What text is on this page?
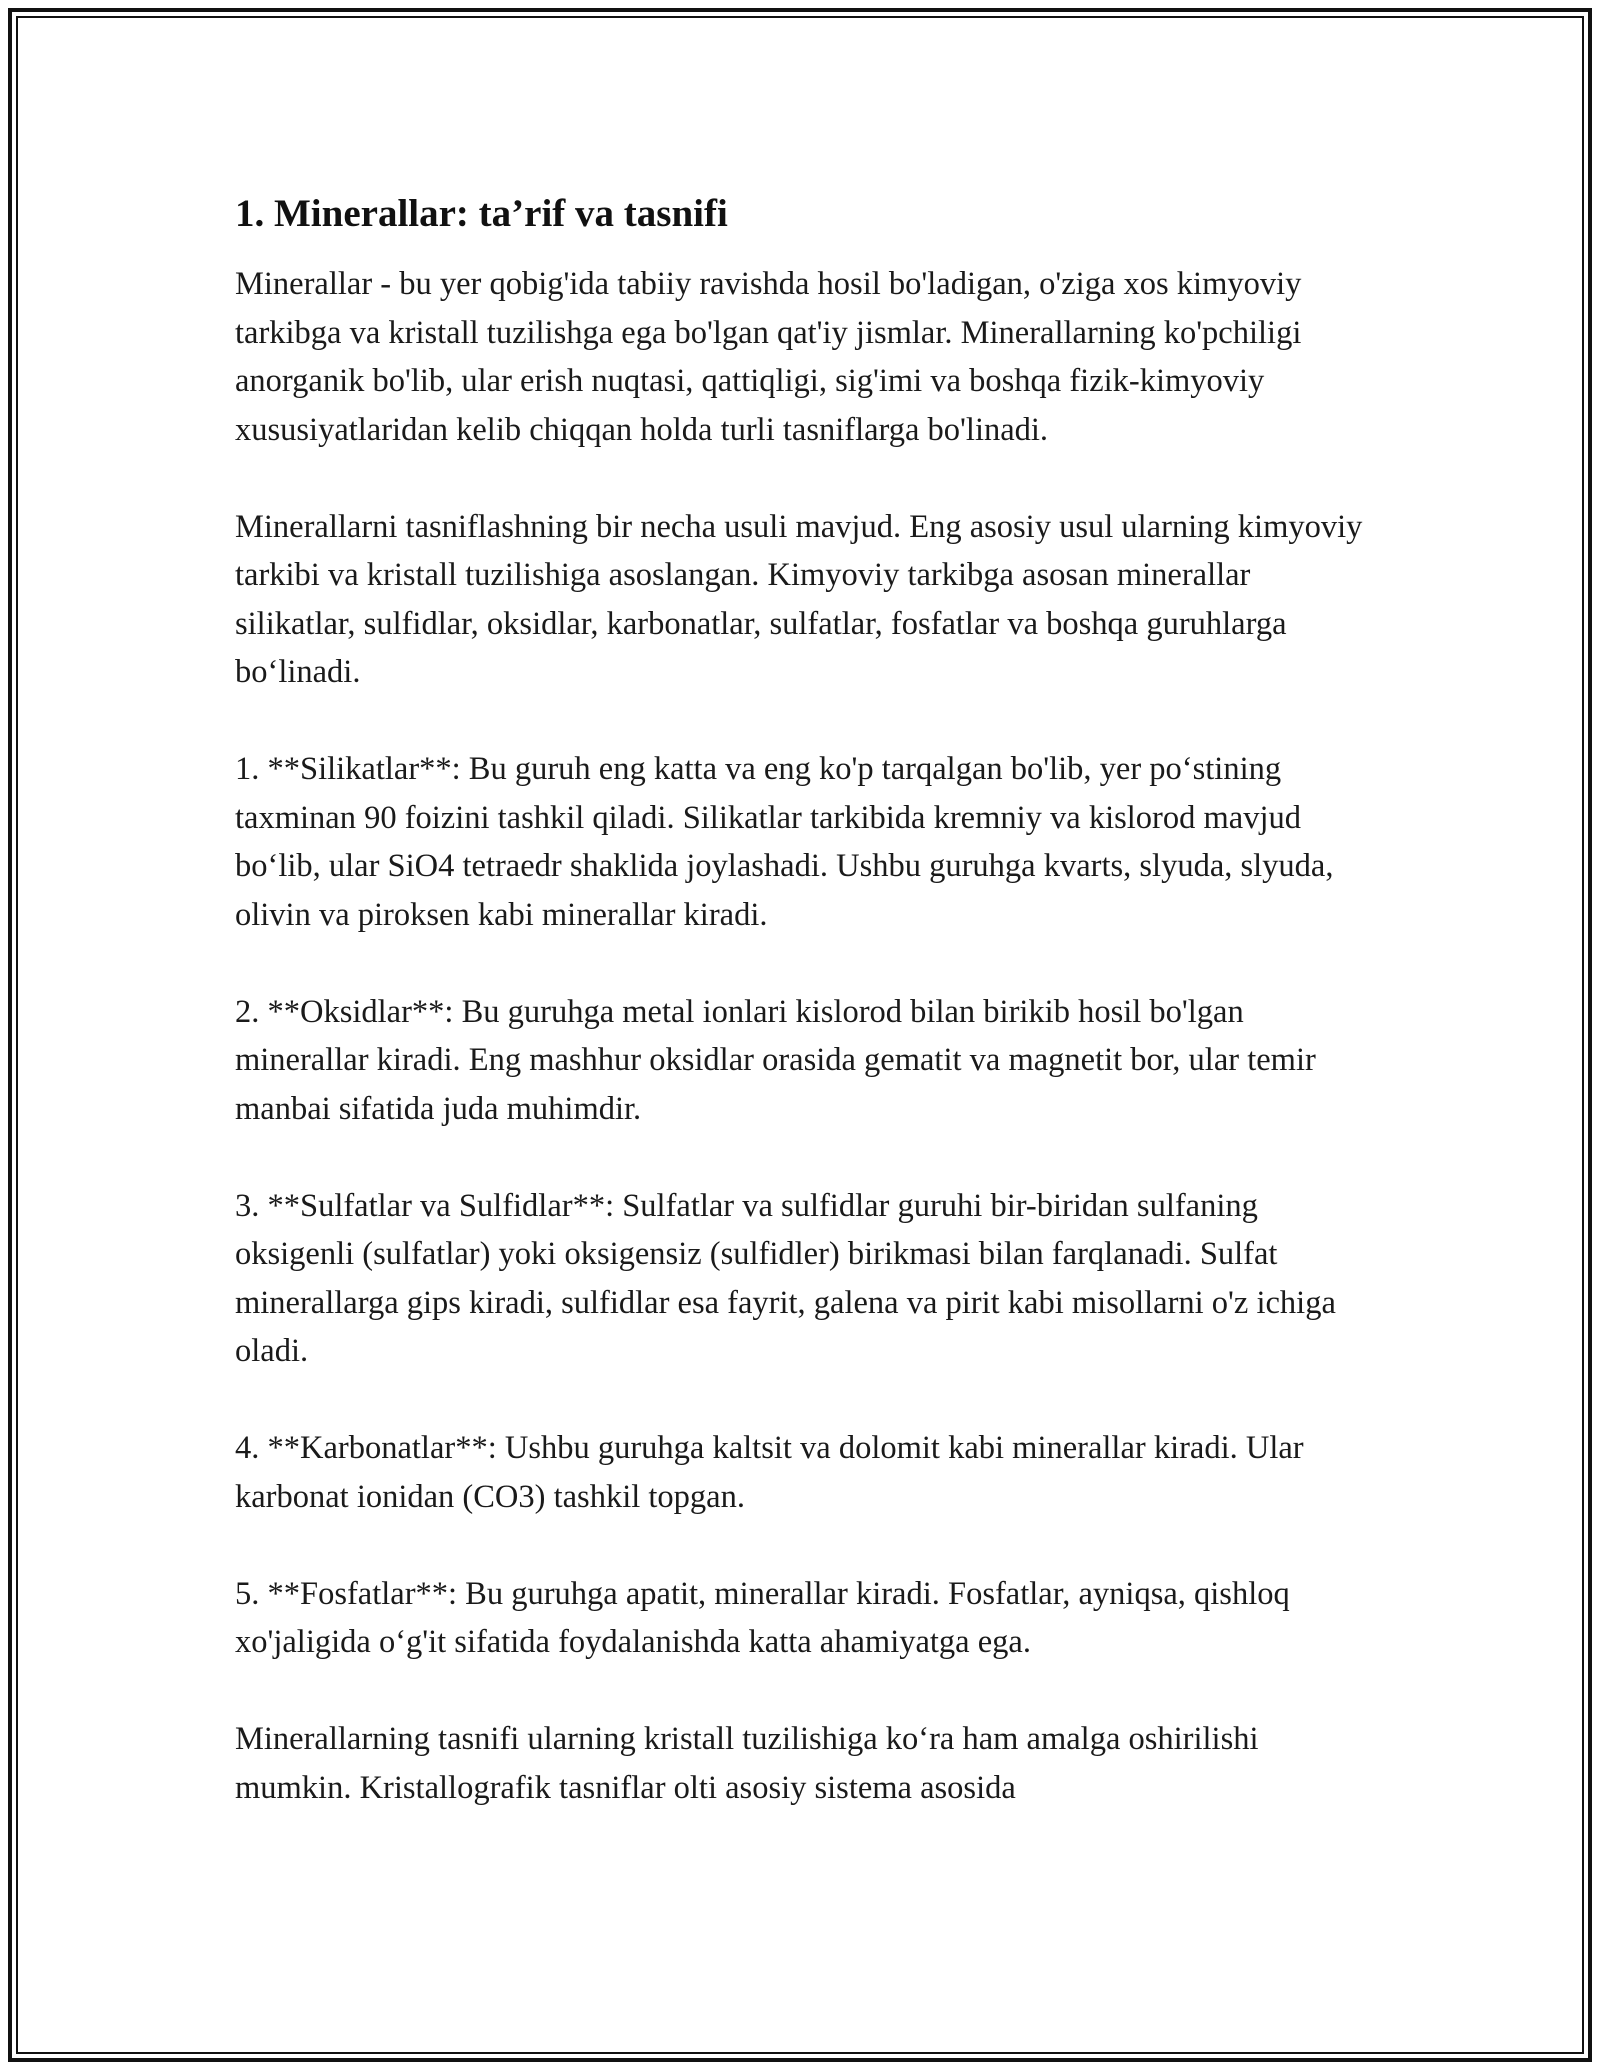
1. Minerallar: ta’rif va tasnifi

Minerallar - bu yer qobig'ida tabiiy ravishda hosil bo'ladigan, o'ziga xos kimyoviy tarkibga va kristall tuzilishga ega bo'lgan qat'iy jismlar. Minerallarning ko'pchiligi anorganik bo'lib, ular erish nuqtasi, qattiqligi, sig'imi va boshqa fizik-kimyoviy xususiyatlaridan kelib chiqqan holda turli tasniflarga bo'linadi.

Minerallarni tasniflashning bir necha usuli mavjud. Eng asosiy usul ularning kimyoviy tarkibi va kristall tuzilishiga asoslangan. Kimyoviy tarkibga asosan minerallar silikatlar, sulfidlar, oksidlar, karbonatlar, sulfatlar, fosfatlar va boshqa guruhlarga bo‘linadi.

1. **Silikatlar**: Bu guruh eng katta va eng ko'p tarqalgan bo'lib, yer po‘stining taxminan 90 foizini tashkil qiladi. Silikatlar tarkibida kremniy va kislorod mavjud bo‘lib, ular SiO4 tetraedr shaklida joylashadi. Ushbu guruhga kvarts, slyuda, slyuda, olivin va piroksen kabi minerallar kiradi.

2. **Oksidlar**: Bu guruhga metal ionlari kislorod bilan birikib hosil bo'lgan minerallar kiradi. Eng mashhur oksidlar orasida gematit va magnetit bor, ular temir manbai sifatida juda muhimdir.

3. **Sulfatlar va Sulfidlar**: Sulfatlar va sulfidlar guruhi bir-biridan sulfaning oksigenli (sulfatlar) yoki oksigensiz (sulfidler) birikmasi bilan farqlanadi. Sulfat minerallarga gips kiradi, sulfidlar esa fayrit, galena va pirit kabi misollarni o'z ichiga oladi.

4. **Karbonatlar**: Ushbu guruhga kaltsit va dolomit kabi minerallar kiradi. Ular karbonat ionidan (CO3) tashkil topgan.

5. **Fosfatlar**: Bu guruhga apatit, minerallar kiradi. Fosfatlar, ayniqsa, qishloq xo'jaligida o‘g'it sifatida foydalanishda katta ahamiyatga ega.

Minerallarning tasnifi ularning kristall tuzilishiga ko‘ra ham amalga oshirilishi mumkin. Kristallografik tasniflar olti asosiy sistema asosida
